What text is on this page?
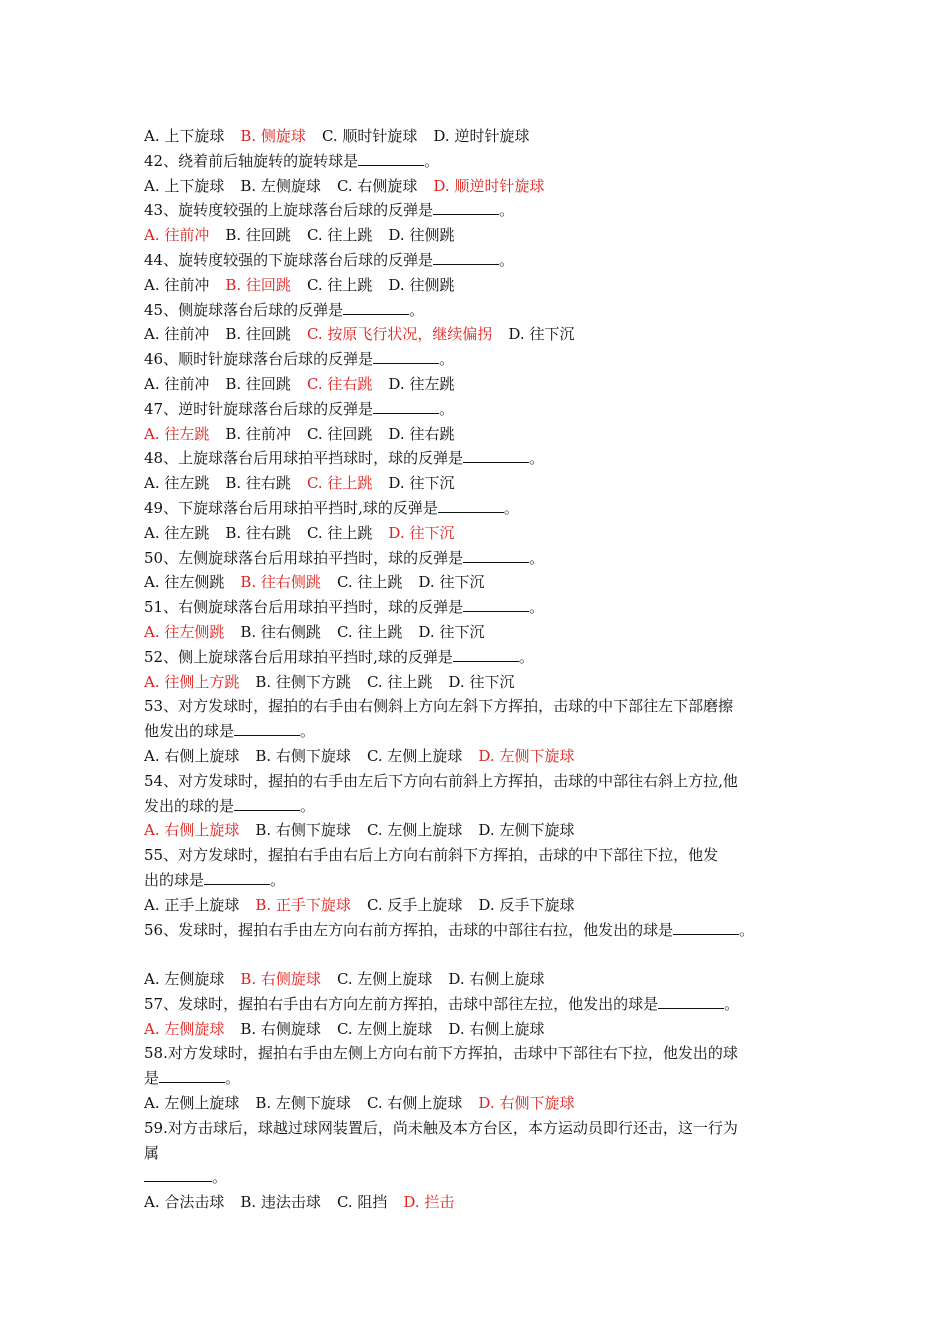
A. 上下旋球 B. 侧旋球 C. 顺时针旋球 D. 逆时针旋球
42、绕着前后轴旋转的旋转球是	。
A. 上下旋球 B. 左侧旋球 C. 右侧旋球 D. 顺逆时针旋球
43、旋转度较强的上旋球落台后球的反弹是	。
A. 往前冲 B. 往回跳 C. 往上跳 D. 往侧跳
44、旋转度较强的下旋球落台后球的反弹是	。
A. 往前冲 B. 往回跳 C. 往上跳 D. 往侧跳
45、侧旋球落台后球的反弹是	。
A. 往前冲 B. 往回跳 C. 按原飞行状况，继续偏拐 D. 往下沉
46、顺时针旋球落台后球的反弹是	。
A. 往前冲 B. 往回跳 C. 往右跳 D. 往左跳
47、逆时针旋球落台后球的反弹是	。
A. 往左跳 B. 往前冲 C. 往回跳 D. 往右跳
48、上旋球落台后用球拍平挡球时，球的反弹是	。
A. 往左跳 B. 往右跳 C. 往上跳 D. 往下沉
49、下旋球落台后用球拍平挡时,球的反弹是	。
A. 往左跳 B. 往右跳 C. 往上跳 D. 往下沉
50、左侧旋球落台后用球拍平挡时，球的反弹是	。
A. 往左侧跳 B. 往右侧跳 C. 往上跳 D. 往下沉
51、右侧旋球落台后用球拍平挡时，球的反弹是	。
A. 往左侧跳 B. 往右侧跳 C. 往上跳 D. 往下沉
52、侧上旋球落台后用球拍平挡时,球的反弹是	。
A. 往侧上方跳 B. 往侧下方跳 C. 往上跳 D. 往下沉
53、对方发球时，握拍的右手由右侧斜上方向左斜下方挥拍，击球的中下部往左下部磨擦
他发出的球是	。
A. 右侧上旋球 B. 右侧下旋球 C. 左侧上旋球 D. 左侧下旋球
54、对方发球时，握拍的右手由左后下方向右前斜上方挥拍，击球的中部往右斜上方拉,他
发出的球的是	。
A. 右侧上旋球 B. 右侧下旋球 C. 左侧上旋球 D. 左侧下旋球
55、对方发球时，握拍右手由右后上方向右前斜下方挥拍，击球的中下部往下拉，他发
出的球是	。
A. 正手上旋球 B. 正手下旋球 C. 反手上旋球 D. 反手下旋球
56、发球时，握拍右手由左方向右前方挥拍，击球的中部往右拉，他发出的球是	。
A. 左侧旋球 B. 右侧旋球 C. 左侧上旋球 D. 右侧上旋球
57、发球时，握拍右手由右方向左前方挥拍，击球中部往左拉，他发出的球是	。
A. 左侧旋球 B. 右侧旋球 C. 左侧上旋球 D. 右侧上旋球
58.对方发球时，握拍右手由左侧上方向右前下方挥拍，击球中下部往右下拉，他发出的球
是	。
A. 左侧上旋球 B. 左侧下旋球 C. 右侧上旋球 D. 右侧下旋球
59.对方击球后，球越过球网装置后，尚未触及本方台区，本方运动员即行还击，这一行为
属
。
A. 合法击球 B. 违法击球 C. 阻挡 D. 拦击
